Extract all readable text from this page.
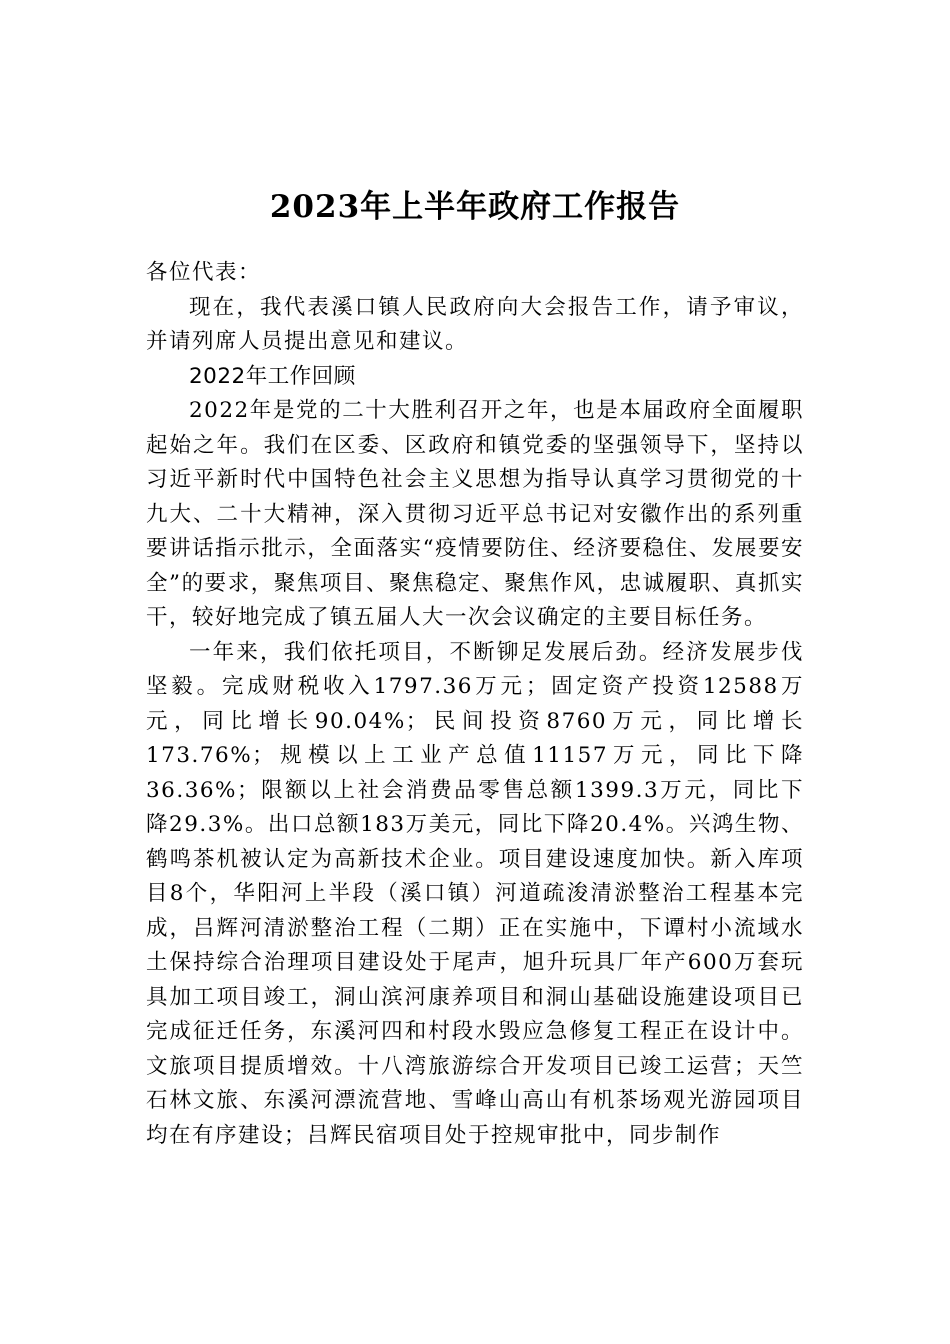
2023年上半年政府工作报告

各位代表：

现在，我代表溪口镇人民政府向大会报告工作，请予审议，并请列席人员提出意见和建议。

2022年工作回顾

2022年是党的二十大胜利召开之年，也是本届政府全面履职起始之年。我们在区委、区政府和镇党委的坚强领导下，坚持以习近平新时代中国特色社会主义思想为指导认真学习贯彻党的十九大、二十大精神，深入贯彻习近平总书记对安徽作出的系列重要讲话指示批示，全面落实“疫情要防住、经济要稳住、发展要安全”的要求，聚焦项目、聚焦稳定、聚焦作风，忠诚履职、真抓实干，较好地完成了镇五届人大一次会议确定的主要目标任务。

一年来，我们依托项目，不断铆足发展后劲。经济发展步伐坚毅。完成财税收入1797.36万元；固定资产投资12588万元，同比增长90.04%；民间投资8760万元，同比增长173.76%；规模以上工业产总值11157万元，同比下降36.36%；限额以上社会消费品零售总额1399.3万元，同比下降29.3%。出口总额183万美元，同比下降20.4%。兴鸿生物、鹤鸣茶机被认定为高新技术企业。项目建设速度加快。新入库项目8个，华阳河上半段（溪口镇）河道疏浚清淤整治工程基本完成，吕辉河清淤整治工程（二期）正在实施中，下谭村小流域水土保持综合治理项目建设处于尾声，旭升玩具厂年产600万套玩具加工项目竣工，洞山滨河康养项目和洞山基础设施建设项目已完成征迁任务，东溪河四和村段水毁应急修复工程正在设计中。文旅项目提质增效。十八湾旅游综合开发项目已竣工运营；天竺石林文旅、东溪河漂流营地、雪峰山高山有机茶场观光游园项目均在有序建设；吕辉民宿项目处于控规审批中，同步制作
